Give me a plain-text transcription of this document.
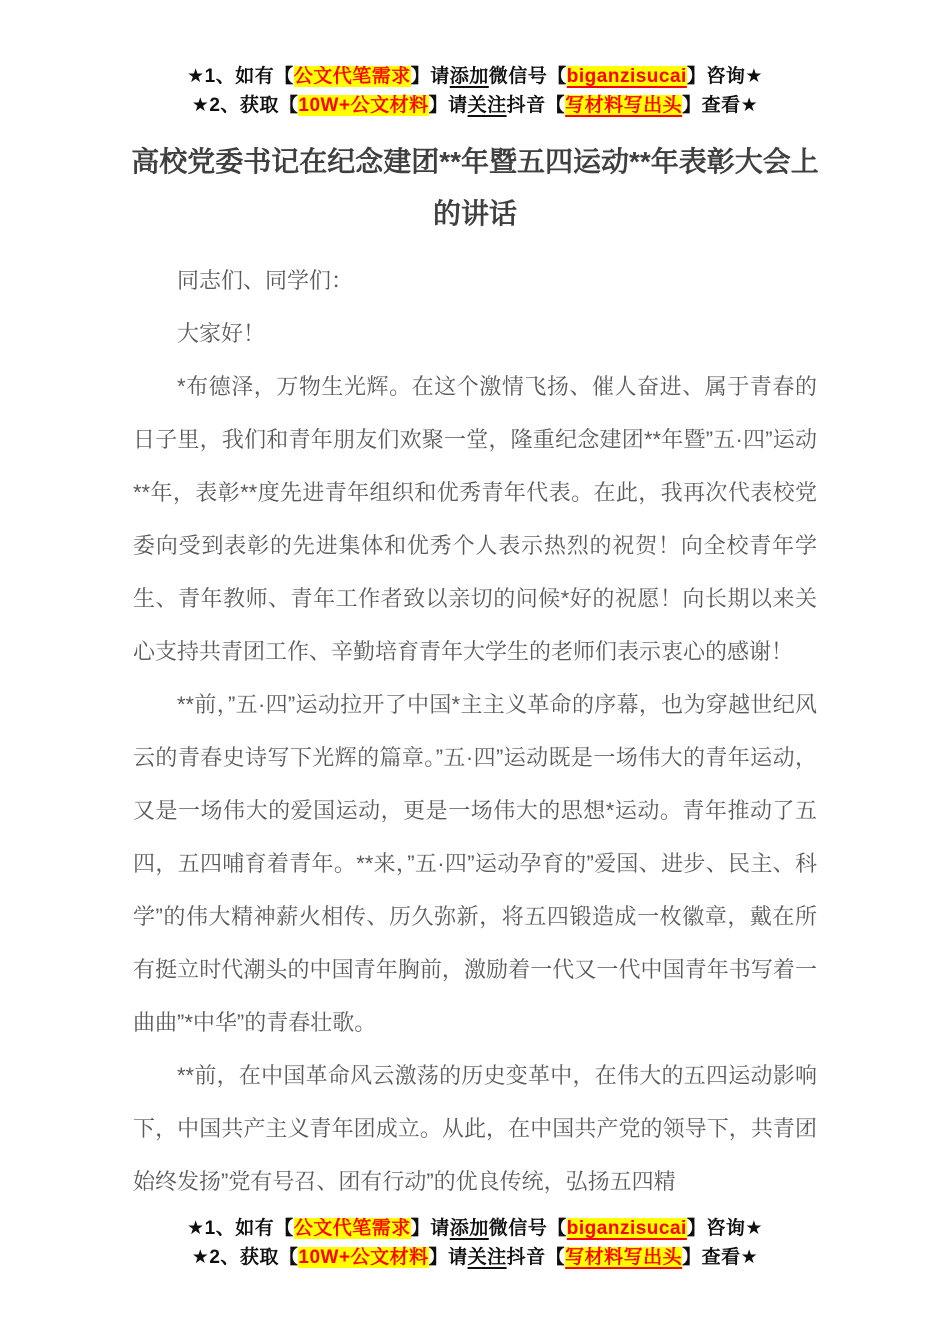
★1、如有【公文代笔需求】请添加微信号【biganzisucai】咨询★
★2、获取【10W+公文材料】请关注抖音【写材料写出头】查看★
高校党委书记在纪念建团**年暨五四运动**年表彰大会上的讲话

同志们、同学们：

大家好！

*布德泽，万物生光辉。在这个激情飞扬、催人奋进、属于青春的日子里，我们和青年朋友们欢聚一堂，隆重纪念建团**年暨”五·四”运动**年，表彰**度先进青年组织和优秀青年代表。在此，我再次代表校党委向受到表彰的先进集体和优秀个人表示热烈的祝贺！向全校青年学生、青年教师、青年工作者致以亲切的问候*好的祝愿！向长期以来关心支持共青团工作、辛勤培育青年大学生的老师们表示衷心的感谢！

**前，”五·四”运动拉开了中国*主主义革命的序幕，也为穿越世纪风云的青春史诗写下光辉的篇章。”五·四”运动既是一场伟大的青年运动，又是一场伟大的爱国运动，更是一场伟大的思想*运动。青年推动了五四，五四哺育着青年。**来，”五·四”运动孕育的”爱国、进步、民主、科学”的伟大精神薪火相传、历久弥新，将五四锻造成一枚徽章，戴在所有挺立时代潮头的中国青年胸前，激励着一代又一代中国青年书写着一曲曲”*中华”的青春壮歌。

**前，在中国革命风云激荡的历史变革中，在伟大的五四运动影响下，中国共产主义青年团成立。从此，在中国共产党的领导下，共青团始终发扬”党有号召、团有行动”的优良传统，弘扬五四精

★1、如有【公文代笔需求】请添加微信号【biganzisucai】咨询★
★2、获取【10W+公文材料】请关注抖音【写材料写出头】查看★
